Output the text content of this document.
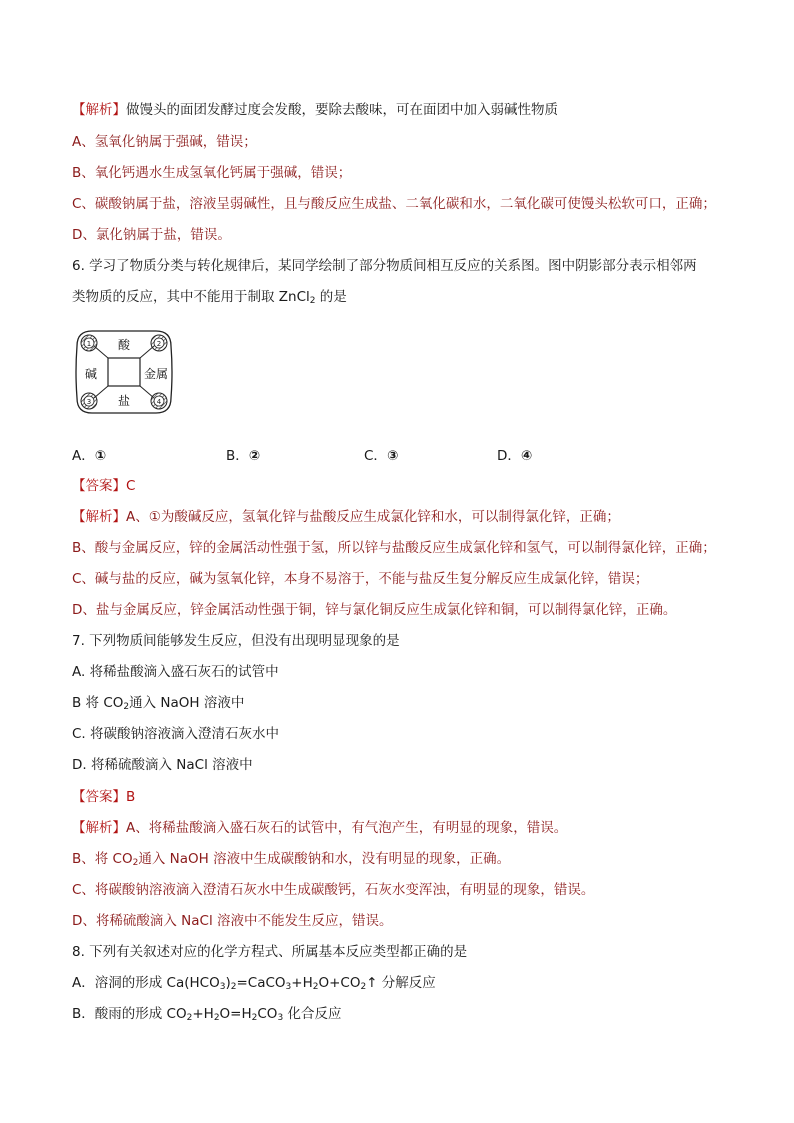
【解析】做馒头的面团发酵过度会发酸，要除去酸味，可在面团中加入弱碱性物质
A、氢氧化钠属于强碱，错误；
B、氧化钙遇水生成氢氧化钙属于强碱，错误；
C、碳酸钠属于盐，溶液呈弱碱性，且与酸反应生成盐、二氧化碳和水，二氧化碳可使馒头松软可口，正确；
D、氯化钠属于盐，错误。
6. 学习了物质分类与转化规律后，某同学绘制了部分物质间相互反应的关系图。图中阴影部分表示相邻两
类物质的反应，其中不能用于制取 ZnCl$_2$ 的是
1	2
3	4
酸
碱	金属
盐
A．①	B．②	C．③	D．④
【答案】C
【解析】A、①为酸碱反应，氢氧化锌与盐酸反应生成氯化锌和水，可以制得氯化锌，正确；
B、酸与金属反应，锌的金属活动性强于氢，所以锌与盐酸反应生成氯化锌和氢气，可以制得氯化锌，正确；
C、碱与盐的反应，碱为氢氧化锌，本身不易溶于，不能与盐反生复分解反应生成氯化锌，错误；
D、盐与金属反应，锌金属活动性强于铜，锌与氯化铜反应生成氯化锌和铜，可以制得氯化锌，正确。
7. 下列物质间能够发生反应，但没有出现明显现象的是
A. 将稀盐酸滴入盛石灰石的试管中
B 将 $CO_2$通入 NaOH 溶液中
C. 将碳酸钠溶液滴入澄清石灰水中
D. 将稀硫酸滴入 NaCl 溶液中
【答案】B
【解析】A、将稀盐酸滴入盛石灰石的试管中，有气泡产生，有明显的现象，错误。
B、将 $CO_2$通入 NaOH 溶液中生成碳酸钠和水，没有明显的现象，正确。
C、将碳酸钠溶液滴入澄清石灰水中生成碳酸钙，石灰水变浑浊，有明显的现象，错误。
D、将稀硫酸滴入 NaCl 溶液中不能发生反应，错误。
8. 下列有关叙述对应的化学方程式、所属基本反应类型都正确的是
A．溶洞的形成 $Ca(HCO_3)_2=CaCO_3+H_2O+CO_2↑$ 分解反应
B．酸雨的形成 $CO_2+H_2O=H_2CO_3$ 化合反应
